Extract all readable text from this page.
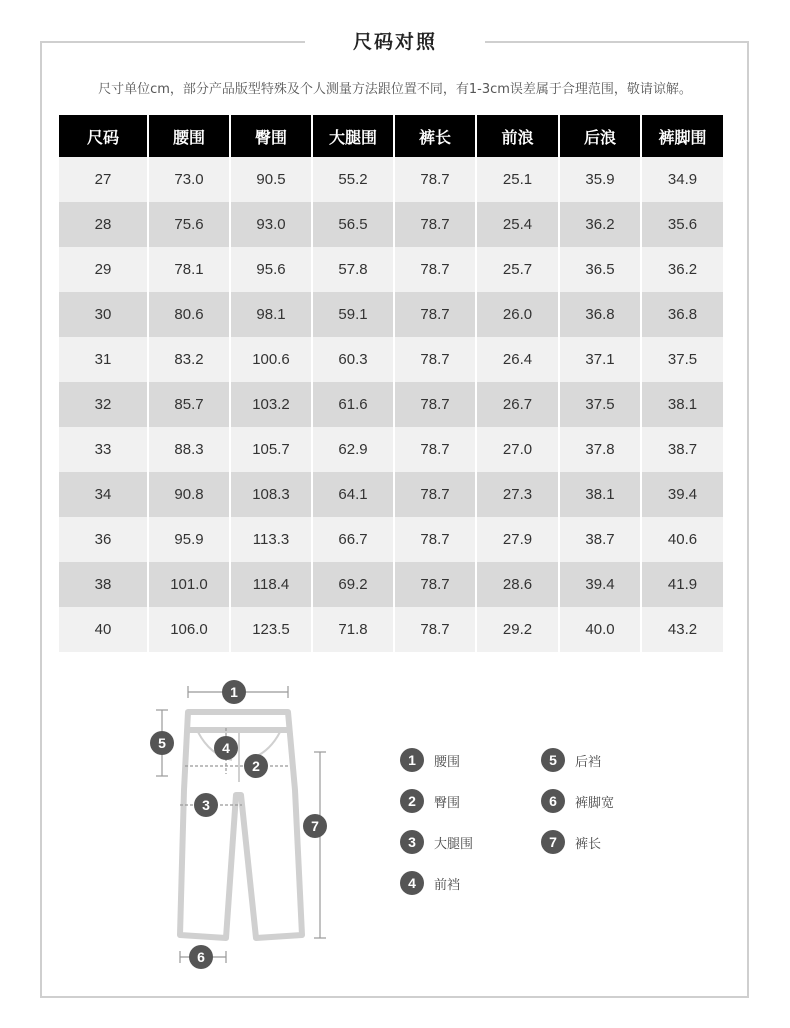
尺码对照
尺寸单位cm，部分产品版型特殊及个人测量方法跟位置不同，有1-3cm误差属于合理范围，敬请谅解。
尺码	腰围	臀围	大腿围	裤长	前浪	后浪	裤脚围
27	73.0	90.5	55.2	78.7	25.1	35.9	34.9
28	75.6	93.0	56.5	78.7	25.4	36.2	35.6
29	78.1	95.6	57.8	78.7	25.7	36.5	36.2
30	80.6	98.1	59.1	78.7	26.0	36.8	36.8
31	83.2	100.6	60.3	78.7	26.4	37.1	37.5
32	85.7	103.2	61.6	78.7	26.7	37.5	38.1
33	88.3	105.7	62.9	78.7	27.0	37.8	38.7
34	90.8	108.3	64.1	78.7	27.3	38.1	39.4
36	95.9	113.3	66.7	78.7	27.9	38.7	40.6
38	101.0	118.4	69.2	78.7	28.6	39.4	41.9
40	106.0	123.5	71.8	78.7	29.2	40.0	43.2
1
2
3
4
5
6
7
1	腰围
2	臀围
3	大腿围
4	前裆
5	后裆
6	裤脚宽
7	裤长
